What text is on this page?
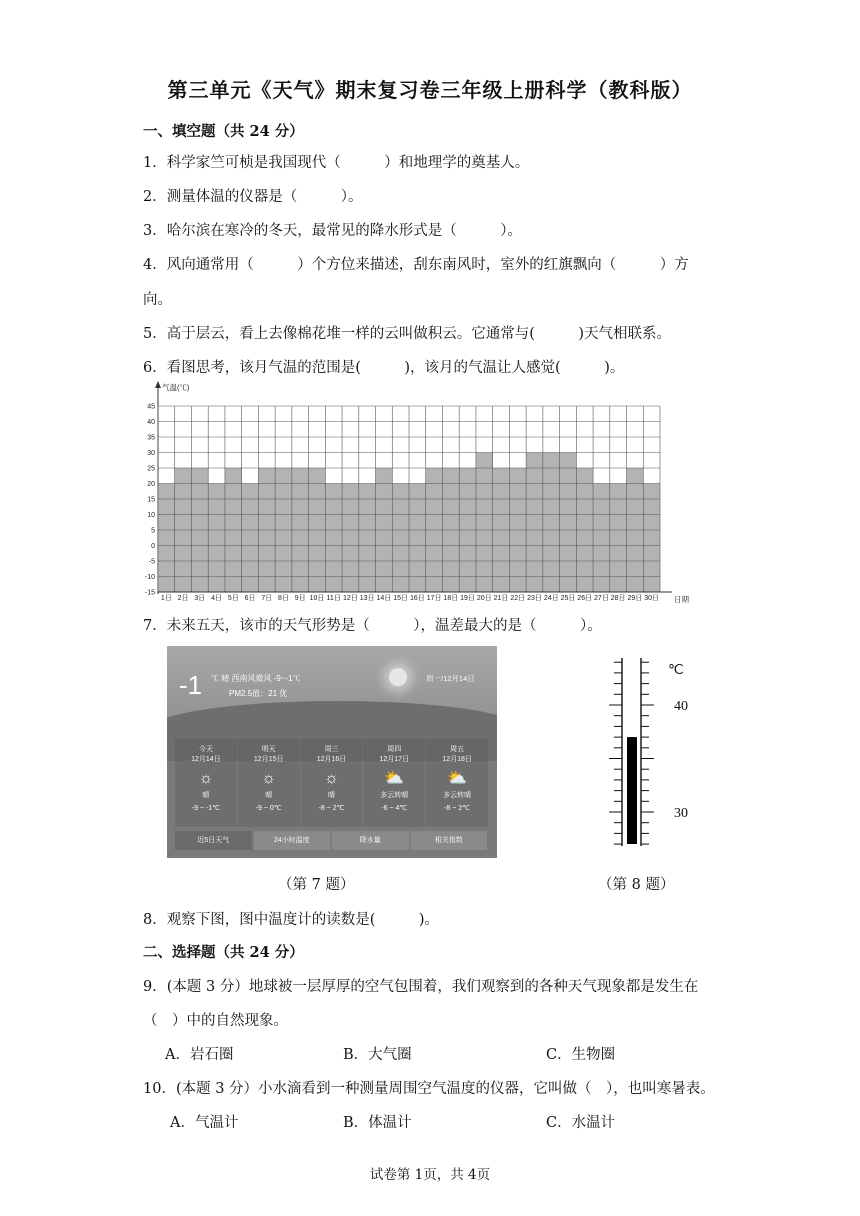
第三单元《天气》期末复习卷三年级上册科学（教科版）
一、填空题（共 24 分）
1．科学家竺可桢是我国现代（　　　）和地理学的奠基人。
2．测量体温的仪器是（　　　）。
3．哈尔滨在寒冷的冬天，最常见的降水形式是（　　　）。
4．风向通常用（　　　）个方位来描述，刮东南风时，室外的红旗飘向（　　　）方
向。
5．高于层云，看上去像棉花堆一样的云叫做积云。它通常与(　　　)天气相联系。
6．看图思考，该月气温的范围是(　　　)，该月的气温让人感觉(　　　)。
气温(℃)
-15
-10
-5
0
5
10
15
20
25
30
35
40
45
1日 2日 3日 4日 5日 6日 7日 8日 9日 10日 11日 12日 13日 14日 15日 16日 17日 18日 19日 20日 21日 22日 23日 24日 25日 26日 27日 28日 29日 30日 日期
7．未来五天，该市的天气形势是（　　　），温差最大的是（　　　）。
-1 ℃ 晴 西南风微风 -9~-1℃
PM2.5值：21 优
周一/12月14日
今天
12月14日
☼
晴
-9 ~ -1℃
明天
12月15日
☼
晴
-9 ~ 0℃
周三
12月16日
☼
晴
-8 ~ 2℃
周四
12月17日
⛅
多云转晴
-6 ~ 4℃
周五
12月18日
⛅
多云转晴
-8 ~ 2℃
近5日天气	24小时温度	降水量	相关指数
℃
40
30
（第 7 题）	（第 8 题）
8．观察下图，图中温度计的读数是(　　　)。
二、选择题（共 24 分）
9．(本题 3 分）地球被一层厚厚的空气包围着，我们观察到的各种天气现象都是发生在
（　）中的自然现象。
A．岩石圈	B．大气圈	C．生物圈
10．(本题 3 分）小水滴看到一种测量周围空气温度的仪器，它叫做（　），也叫寒暑表。
A．气温计	B．体温计	C．水温计
试卷第 1页，共 4页
